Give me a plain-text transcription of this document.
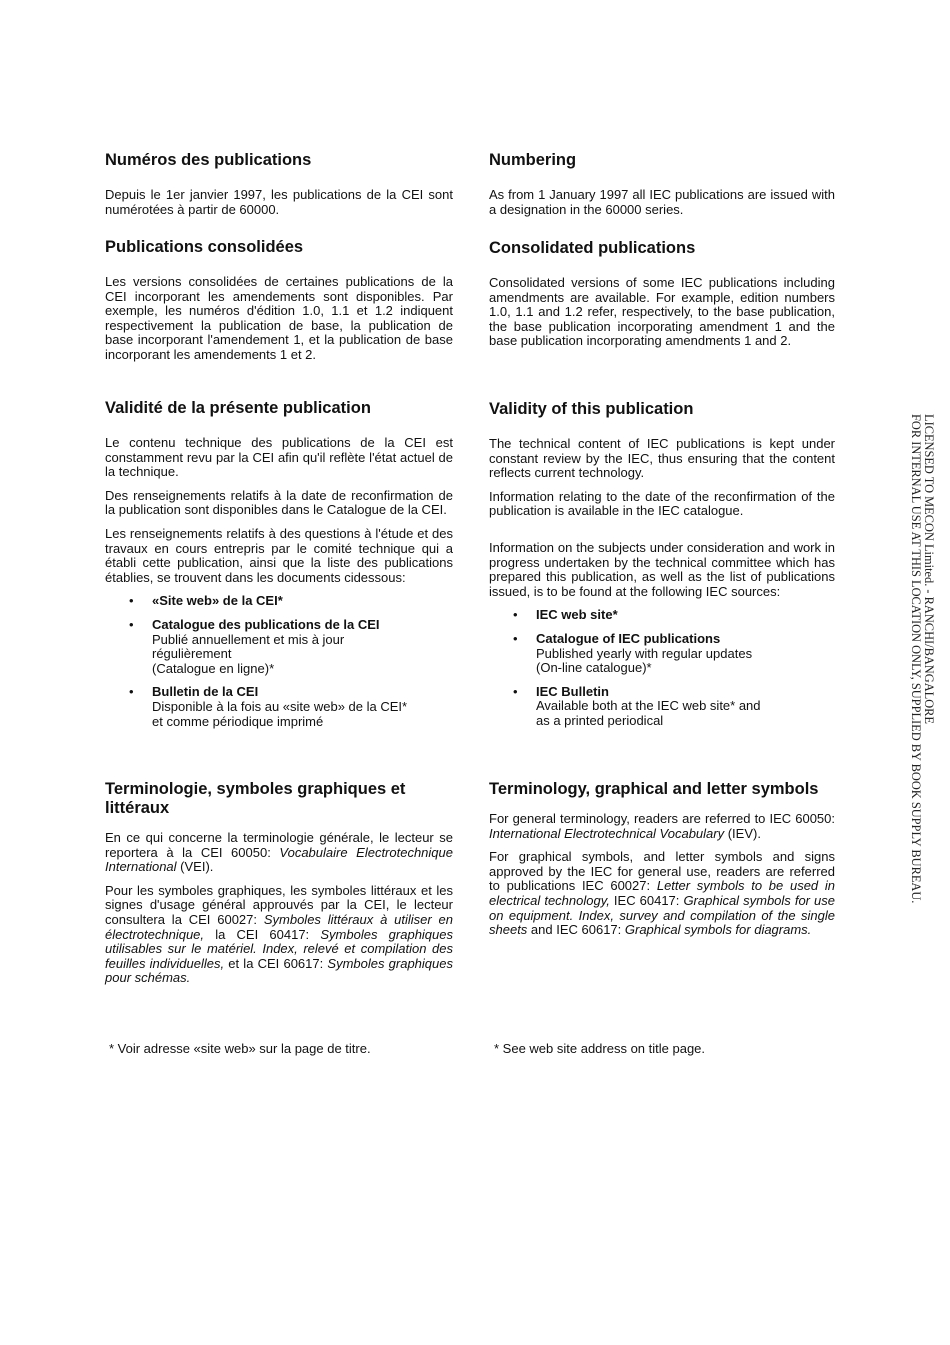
Numéros des publications

Depuis le 1er janvier 1997, les publications de la CEI sont numérotées à partir de 60000.

Publications consolidées

Les versions consolidées de certaines publications de la CEI incorporant les amendements sont disponibles. Par exemple, les numéros d'édition 1.0, 1.1 et 1.2 indiquent respectivement la publication de base, la publication de base incorporant l'amendement 1, et la publication de base incorporant les amendements 1 et 2.

Validité de la présente publication

Le contenu technique des publications de la CEI est constamment revu par la CEI afin qu'il reflète l'état actuel de la technique.

Des renseignements relatifs à la date de reconfirmation de la publication sont disponibles dans le Catalogue de la CEI.

Les renseignements relatifs à des questions à l'étude et des travaux en cours entrepris par le comité technique qui a établi cette publication, ainsi que la liste des publications établies, se trouvent dans les documents cidessous:

• «Site web» de la CEI*
• Catalogue des publications de la CEI
Publié annuellement et mis à jour
régulièrement
(Catalogue en ligne)*
• Bulletin de la CEI
Disponible à la fois au «site web» de la CEI*
et comme périodique imprimé
Terminologie, symboles graphiques et littéraux

En ce qui concerne la terminologie générale, le lecteur se reportera à la CEI 60050: Vocabulaire Electrotechnique International (VEI).

Pour les symboles graphiques, les symboles littéraux et les signes d'usage général approuvés par la CEI, le lecteur consultera la CEI 60027: Symboles littéraux à utiliser en électrotechnique, la CEI 60417: Symboles graphiques utilisables sur le matériel. Index, relevé et compilation des feuilles individuelles, et la CEI 60617: Symboles graphiques pour schémas.

Numbering

As from 1 January 1997 all IEC publications are issued with a designation in the 60000 series.

Consolidated publications

Consolidated versions of some IEC publications including amendments are available. For example, edition numbers 1.0, 1.1 and 1.2 refer, respectively, to the base publication, the base publication incorporating amendment 1 and the base publication incorporating amendments 1 and 2.

Validity of this publication

The technical content of IEC publications is kept under constant review by the IEC, thus ensuring that the content reflects current technology.

Information relating to the date of the reconfirmation of the publication is available in the IEC catalogue.

Information on the subjects under consideration and work in progress undertaken by the technical committee which has prepared this publication, as well as the list of publications issued, is to be found at the following IEC sources:

• IEC web site*
• Catalogue of IEC publications
Published yearly with regular updates
(On-line catalogue)*
• IEC Bulletin
Available both at the IEC web site* and
as a printed periodical
Terminology, graphical and letter symbols

For general terminology, readers are referred to IEC 60050: International Electrotechnical Vocabulary (IEV).

For graphical symbols, and letter symbols and signs approved by the IEC for general use, readers are referred to publications IEC 60027: Letter symbols to be used in electrical technology, IEC 60417: Graphical symbols for use on equipment. Index, survey and compilation of the single sheets and IEC 60617: Graphical symbols for diagrams.

* Voir adresse «site web» sur la page de titre.	* See web site address on title page.
LICENSED TO MECON Limited. - RANCHI/BANGALORE
FOR INTERNAL USE AT THIS LOCATION ONLY, SUPPLIED BY BOOK SUPPLY BUREAU.
